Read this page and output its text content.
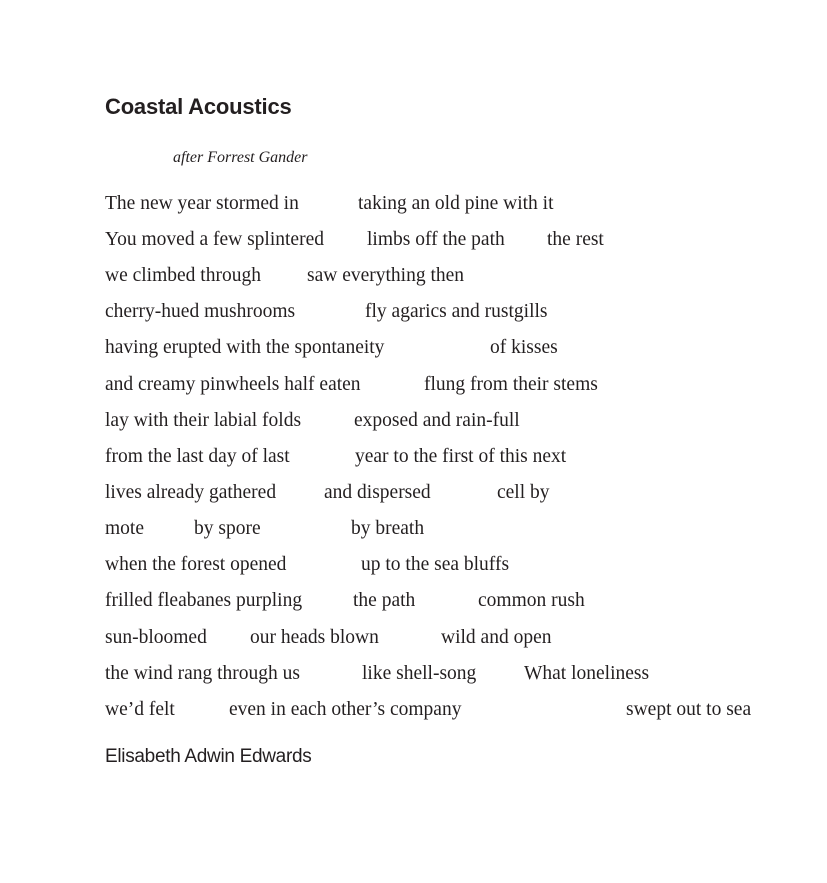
Coastal Acoustics

after Forrest Gander

The new year stormed in	taking an old pine with it
You moved a few splintered limbs off the path the rest
we climbed through saw everything then
cherry-hued mushrooms	fly agarics and rustgills
having erupted with the spontaneity	of kisses
and creamy pinwheels half eaten	flung from their stems
lay with their labial folds	exposed and rain-full
from the last day of last	year to the first of this next
lives already gathered and dispersed	cell by
mote	by spore	by breath
when the forest opened	up to the sea bluffs
frilled fleabanes purpling	the path	common rush
sun-bloomed our heads blown	wild and open
the wind rang through us	like shell-song What loneliness
we’d felt	even in each other’s company	swept out to sea

Elisabeth Adwin Edwards
